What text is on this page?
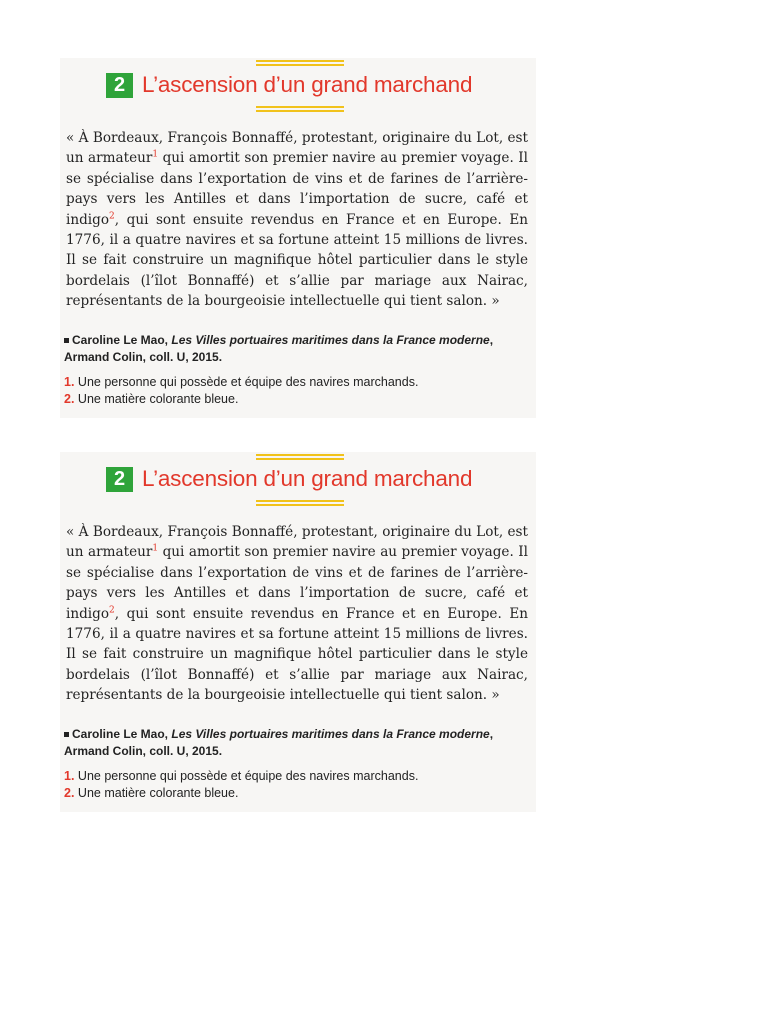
2 L’ascension d’un grand marchand

« À Bordeaux, François Bonnaffé, protestant, originaire du Lot, est un armateur$^1$ qui amortit son premier navire au premier voyage. Il se spécialise dans l’exportation de vins et de farines de l’arrière-pays vers les Antilles et dans l’importation de sucre, café et indigo$^2$, qui sont ensuite revendus en France et en Europe. En 1776, il a quatre navires et sa fortune atteint 15 millions de livres. Il se fait construire un magnifique hôtel particulier dans le style bordelais (l’îlot Bonnaffé) et s’allie par mariage aux Nairac, représentants de la bourgeoisie intellectuelle qui tient salon. »

Caroline Le Mao, Les Villes portuaires maritimes dans la France moderne, Armand Colin, coll. U, 2015.

1. Une personne qui possède et équipe des navires marchands.
2. Une matière colorante bleue.
2 L’ascension d’un grand marchand

« À Bordeaux, François Bonnaffé, protestant, originaire du Lot, est un armateur$^1$ qui amortit son premier navire au premier voyage. Il se spécialise dans l’exportation de vins et de farines de l’arrière-pays vers les Antilles et dans l’importation de sucre, café et indigo$^2$, qui sont ensuite revendus en France et en Europe. En 1776, il a quatre navires et sa fortune atteint 15 millions de livres. Il se fait construire un magnifique hôtel particulier dans le style bordelais (l’îlot Bonnaffé) et s’allie par mariage aux Nairac, représentants de la bourgeoisie intellectuelle qui tient salon. »

Caroline Le Mao, Les Villes portuaires maritimes dans la France moderne, Armand Colin, coll. U, 2015.

1. Une personne qui possède et équipe des navires marchands.
2. Une matière colorante bleue.
